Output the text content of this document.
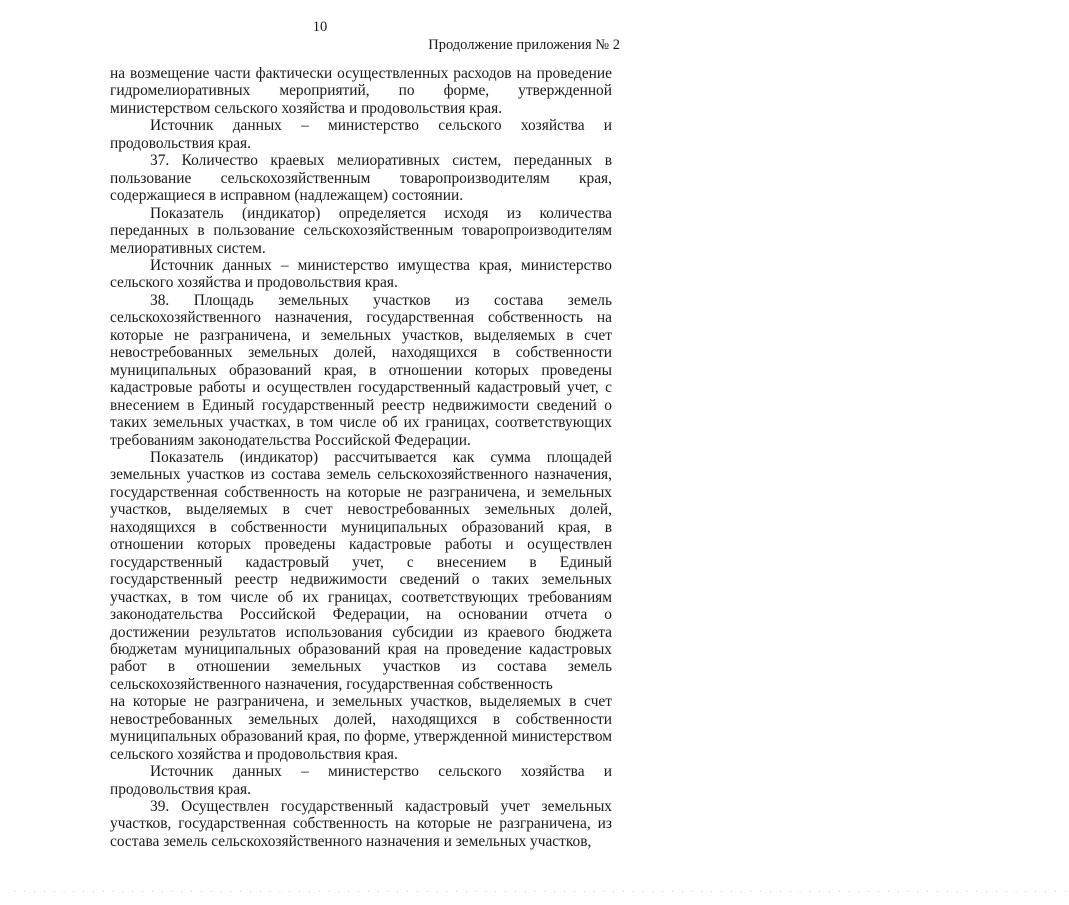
10
Продолжение приложения № 2

на возмещение части фактически осуществленных расходов на проведение гидромелиоративных мероприятий, по форме, утвержденной министерством сельского хозяйства и продовольствия края.

Источник данных – министерство сельского хозяйства и продовольствия края.

37. Количество краевых мелиоративных систем, переданных в пользование сельскохозяйственным товаропроизводителям края, содержащиеся в исправном (надлежащем) состоянии.

Показатель (индикатор) определяется исходя из количества переданных в пользование сельскохозяйственным товаропроизводителям мелиоративных систем.

Источник данных – министерство имущества края, министерство сельского хозяйства и продовольствия края.

38. Площадь земельных участков из состава земель сельскохозяйственного назначения, государственная собственность на которые не разграничена, и земельных участков, выделяемых в счет невостребованных земельных долей, находящихся в собственности муниципальных образований края, в отношении которых проведены кадастровые работы и осуществлен государственный кадастровый учет, с внесением в Единый государственный реестр недвижимости сведений о таких земельных участках, в том числе об их границах, соответствующих требованиям законодательства Российской Федерации.

Показатель (индикатор) рассчитывается как сумма площадей земельных участков из состава земель сельскохозяйственного назначения, государственная собственность на которые не разграничена, и земельных участков, выделяемых в счет невостребованных земельных долей, находящихся в собственности муниципальных образований края, в отношении которых проведены кадастровые работы и осуществлен государственный кадастровый учет, с внесением в Единый государственный реестр недвижимости сведений о таких земельных участках, в том числе об их границах, соответствующих требованиям законодательства Российской Федерации, на основании отчета о достижении результатов использования субсидии из краевого бюджета бюджетам муниципальных образований края на проведение кадастровых работ в отношении земельных участков из состава земель сельскохозяйственного назначения, государственная собственность

на которые не разграничена, и земельных участков, выделяемых в счет невостребованных земельных долей, находящихся в собственности муниципальных образований края, по форме, утвержденной министерством сельского хозяйства и продовольствия края.

Источник данных – министерство сельского хозяйства и продовольствия края.

39. Осуществлен государственный кадастровый учет земельных участков, государственная собственность на которые не разграничена, из состава земель сельскохозяйственного назначения и земельных участков,

. . . . . . . . . . . . . . . . . . . . . . . . . . . . . . . . . . . . . . . . . . . . . . . . . . . . . . . . . . . . . . . . . . . . . . . . . . . . . . . . . . . . . . . . . . . . . . . . . . . . . . . . . . . .
